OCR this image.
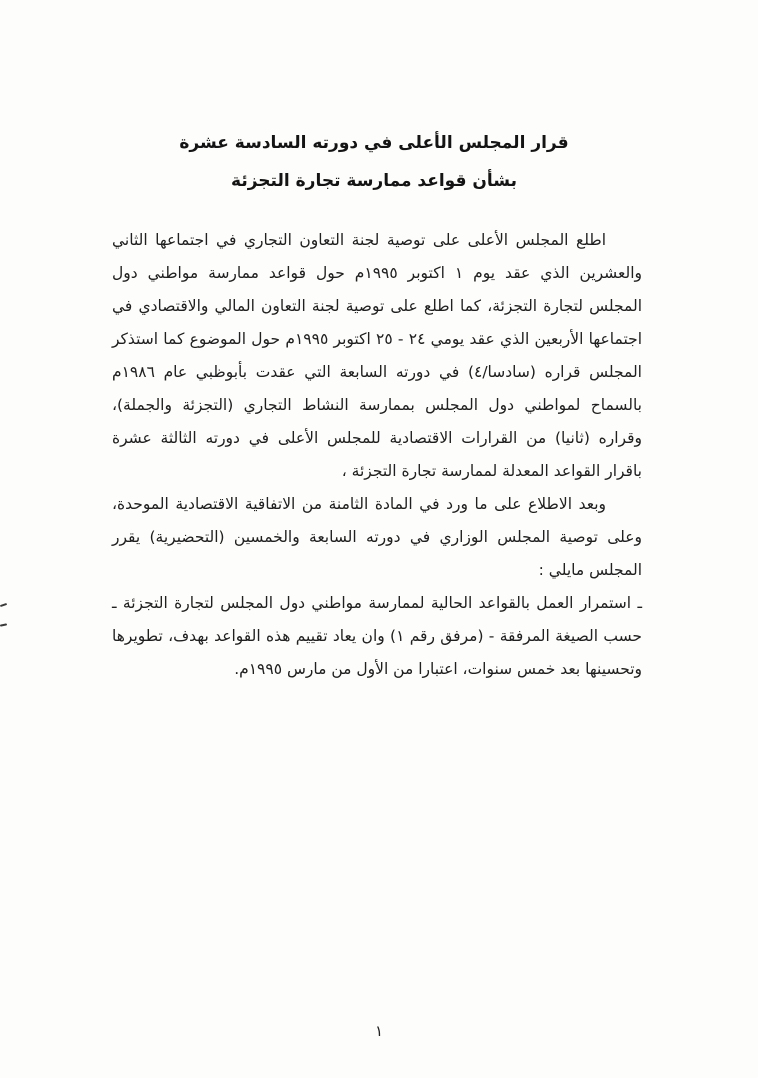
قرار المجلس الأعلى في دورته السادسة عشرة
بشأن قواعد ممارسة تجارة التجزئة

اطلع المجلس الأعلى على توصية لجنة التعاون التجاري في اجتماعها الثاني والعشرين الذي عقد يوم ١ اكتوبر ١٩٩٥م حول قواعد ممارسة مواطني دول المجلس لتجارة التجزئة، كما اطلع على توصية لجنة التعاون المالي والاقتصادي في اجتماعها الأربعين الذي عقد يومي ٢٤ - ٢٥ اكتوبر ١٩٩٥م حول الموضوع كما استذكر المجلس قراره (سادسا/٤) في دورته السابعة التي عقدت بأبوظبي عام ١٩٨٦م بالسماح لمواطني دول المجلس بممارسة النشاط التجاري (التجزئة والجملة)، وقراره (ثانيا) من القرارات الاقتصادية للمجلس الأعلى في دورته الثالثة عشرة باقرار القواعد المعدلة لممارسة تجارة التجزئة ،

وبعد الاطلاع على ما ورد في المادة الثامنة من الاتفاقية الاقتصادية الموحدة، وعلى توصية المجلس الوزاري في دورته السابعة والخمسين (التحضيرية) يقرر المجلس مايلي :

ـ استمرار العمل بالقواعد الحالية لممارسة مواطني دول المجلس لتجارة التجزئة ـ حسب الصيغة المرفقة - (مرفق رقم ١) وان يعاد تقييم هذه القواعد بهدف، تطويرها وتحسينها بعد خمس سنوات، اعتبارا من الأول من مارس ١٩٩٥م.

١
